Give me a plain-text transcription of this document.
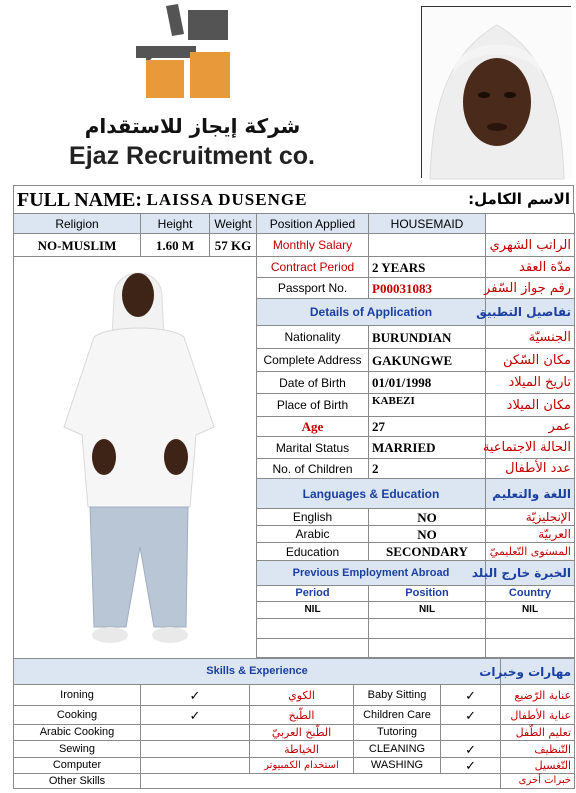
شركة إيجاز للاستقدام
Ejaz Recruitment co.
FULL NAME:	LAISSA DUSENGE	الاسم الكامل:
Religion	Height	Weight
NO-MUSLIM	1.60 M	57 KG
Position Applied	HOUSEMAID	
Monthly Salary		الراتب الشهري
Contract Period	2 YEARS	مدّة العقد
Passport No.	P00031083	رقم جواز السّفر
Details of Application		تفاصيل التطبيق
Nationality	BURUNDIAN	الجنسيّة
Complete Address	GAKUNGWE	مكان السّكن
Date of Birth	01/01/1998	تاريخ الميلاد
Place of Birth	KABEZI	مكان الميلاد
Age	27	عمر
Marital Status	MARRIED	الحالة الاجتماعية
No. of Children	2	عدد الأطفال
Languages & Education		اللغة والتعليم
English	NO	الإنجليزيّة
Arabic	NO	العربيّة
Education	SECONDARY	المستوى التّعليميّ
Previous Employment Abroad		الخبرة خارج البلد
Period	Position	Country
NIL	NIL	NIL

Skills & Experience					مهارات وخبرات
Ironing	✓	الكوي	Baby Sitting	✓	عناية الرّضيع
Cooking	✓	الطّبخ	Children Care	✓	عناية الأطفال
Arabic Cooking		الطّبخ العربيّ	Tutoring		تعليم الطّفل
Sewing		الخياطة	CLEANING	✓	التّنظيف
Computer		استخدام الكمبيوتر	WASHING	✓	التّغسيل
Other Skills					خبرات أخرى
